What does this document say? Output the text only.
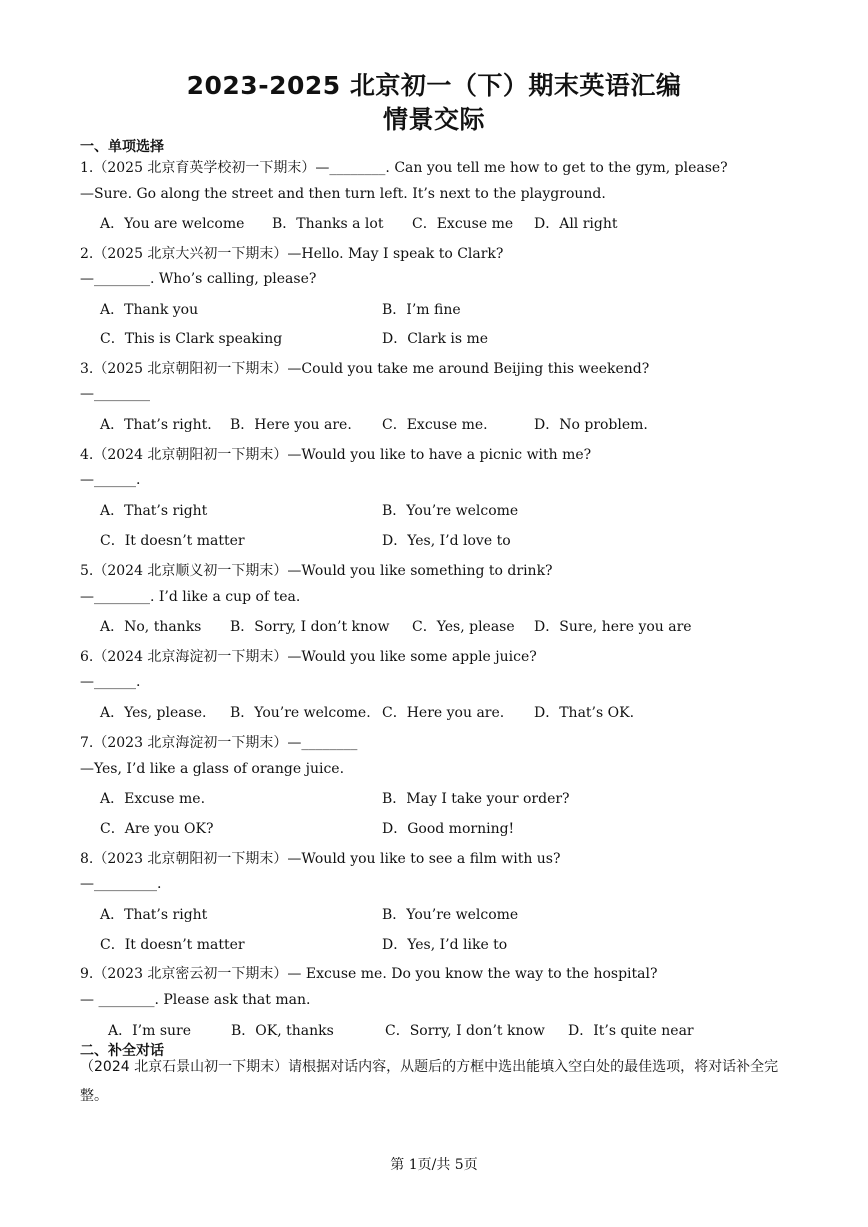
2023-2025 北京初一（下）期末英语汇编
情景交际
一、单项选择
1.（2025 北京育英学校初一下期末）—________. Can you tell me how to get to the gym, please?
—Sure. Go along the street and then turn left. It’s next to the playground.
A．You are welcome B．Thanks a lot C．Excuse me D．All right
2.（2025 北京大兴初一下期末）—Hello. May I speak to Clark?
—________. Who’s calling, please?
A．Thank you	B．I’m fine
C．This is Clark speaking	D．Clark is me
3.（2025 北京朝阳初一下期末）—Could you take me around Beijing this weekend?
—________
A．That’s right. B．Here you are. C．Excuse me.	D．No problem.
4.（2024 北京朝阳初一下期末）—Would you like to have a picnic with me?
—______.
A．That’s right	B．You’re welcome
C．It doesn’t matter	D．Yes, I’d love to
5.（2024 北京顺义初一下期末）—Would you like something to drink?
—________. I’d like a cup of tea.
A．No, thanks B．Sorry, I don’t know C．Yes, please D．Sure, here you are
6.（2024 北京海淀初一下期末）—Would you like some apple juice?
—______.
A．Yes, please. B．You’re welcome. C．Here you are. D．That’s OK.
7.（2023 北京海淀初一下期末）—________
—Yes, I’d like a glass of orange juice.
A．Excuse me.	B．May I take your order?
C．Are you OK?	D．Good morning!
8.（2023 北京朝阳初一下期末）—Would you like to see a film with us?
—_________.
A．That’s right	B．You’re welcome
C．It doesn’t matter	D．Yes, I’d like to
9.（2023 北京密云初一下期末）— Excuse me. Do you know the way to the hospital?
— ________. Please ask that man.
A．I’m sure	B．OK, thanks	C．Sorry, I don’t know D．It’s quite near
二、补全对话
（2024 北京石景山初一下期末）请根据对话内容，从题后的方框中选出能填入空白处的最佳选项，将对话补全完整。
第 1页/共 5页
